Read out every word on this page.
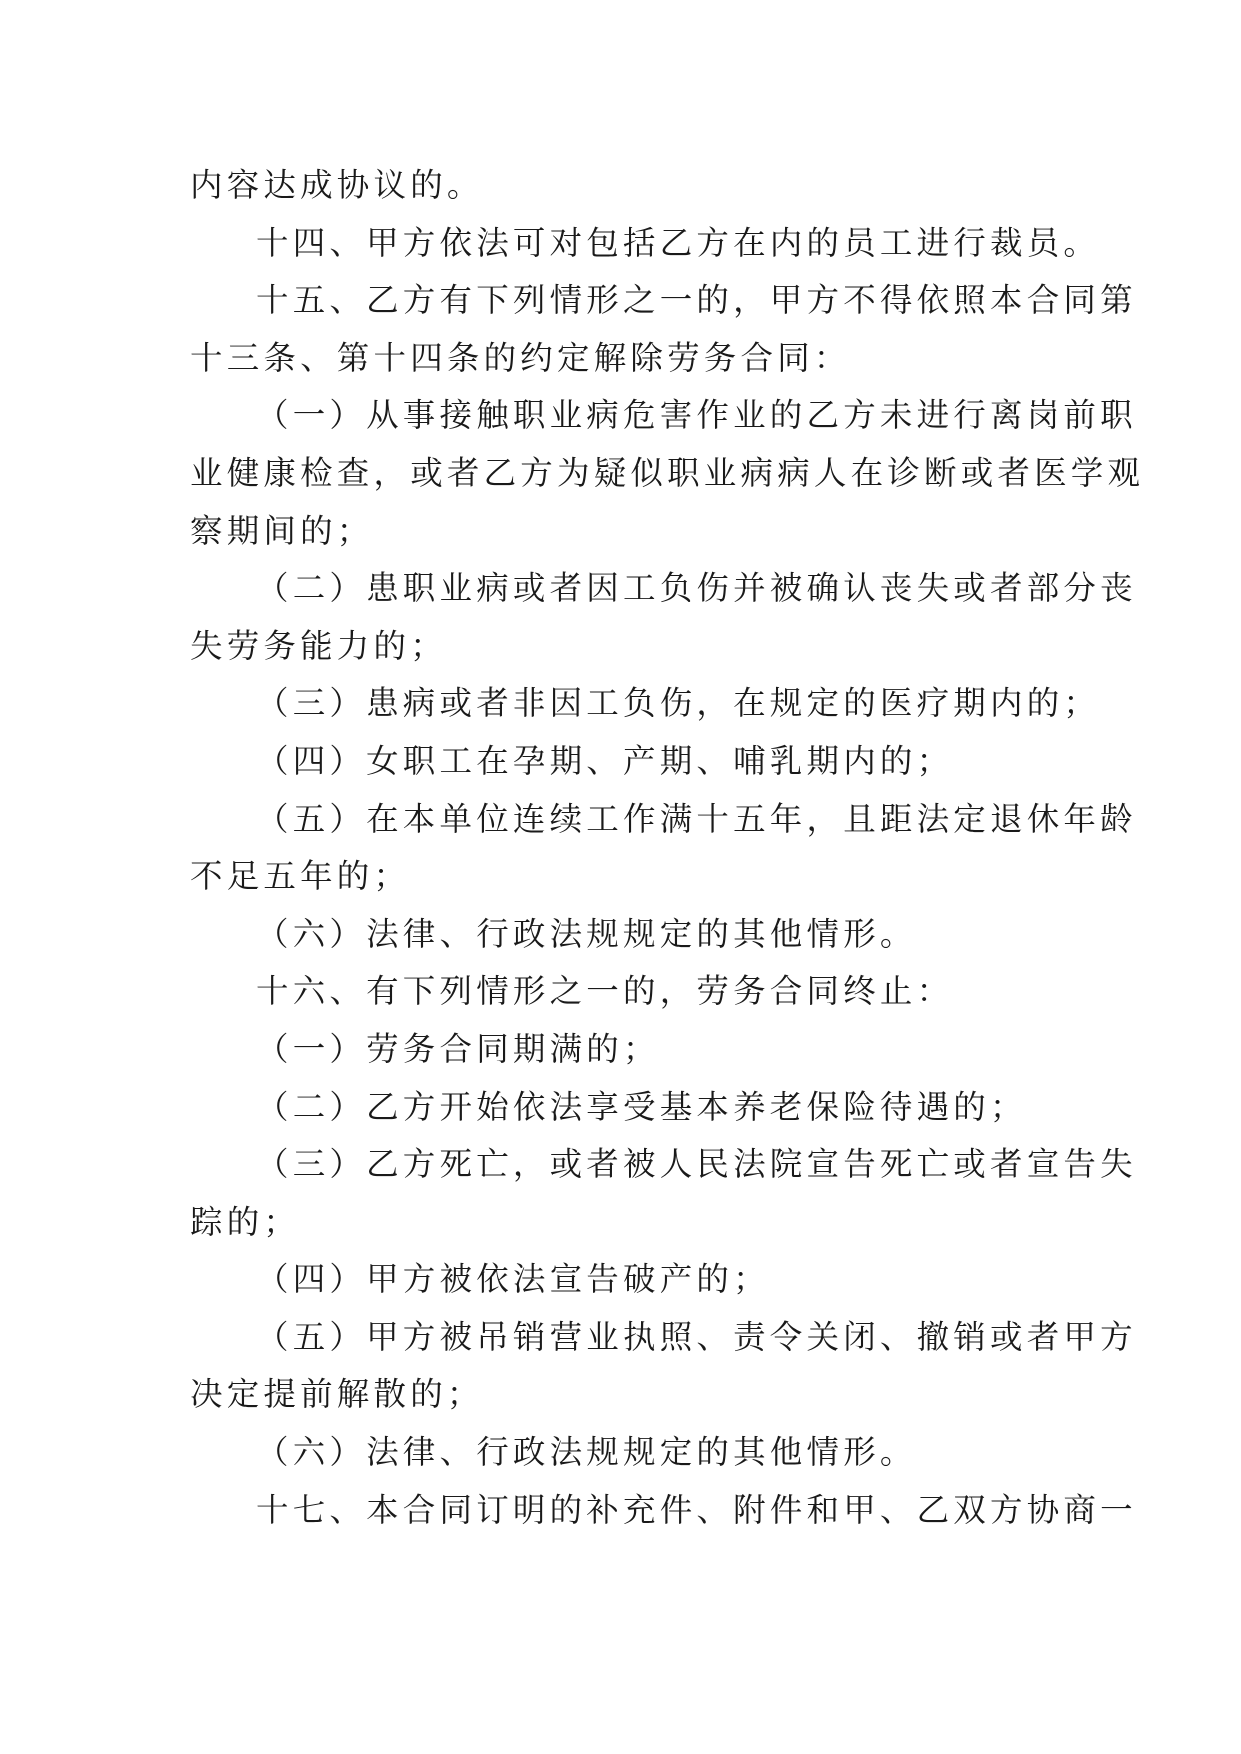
内容达成协议的。
十四、甲方依法可对包括乙方在内的员工进行裁员。
十五、乙方有下列情形之一的，甲方不得依照本合同第
十三条、第十四条的约定解除劳务合同：
（一）从事接触职业病危害作业的乙方未进行离岗前职
业健康检查，或者乙方为疑似职业病病人在诊断或者医学观
察期间的；
（二）患职业病或者因工负伤并被确认丧失或者部分丧
失劳务能力的；
（三）患病或者非因工负伤，在规定的医疗期内的；
（四）女职工在孕期、产期、哺乳期内的；
（五）在本单位连续工作满十五年，且距法定退休年龄
不足五年的；
（六）法律、行政法规规定的其他情形。
十六、有下列情形之一的，劳务合同终止：
（一）劳务合同期满的；
（二）乙方开始依法享受基本养老保险待遇的；
（三）乙方死亡，或者被人民法院宣告死亡或者宣告失
踪的；
（四）甲方被依法宣告破产的；
（五）甲方被吊销营业执照、责令关闭、撤销或者甲方
决定提前解散的；
（六）法律、行政法规规定的其他情形。
十七、本合同订明的补充件、附件和甲、乙双方协商一
